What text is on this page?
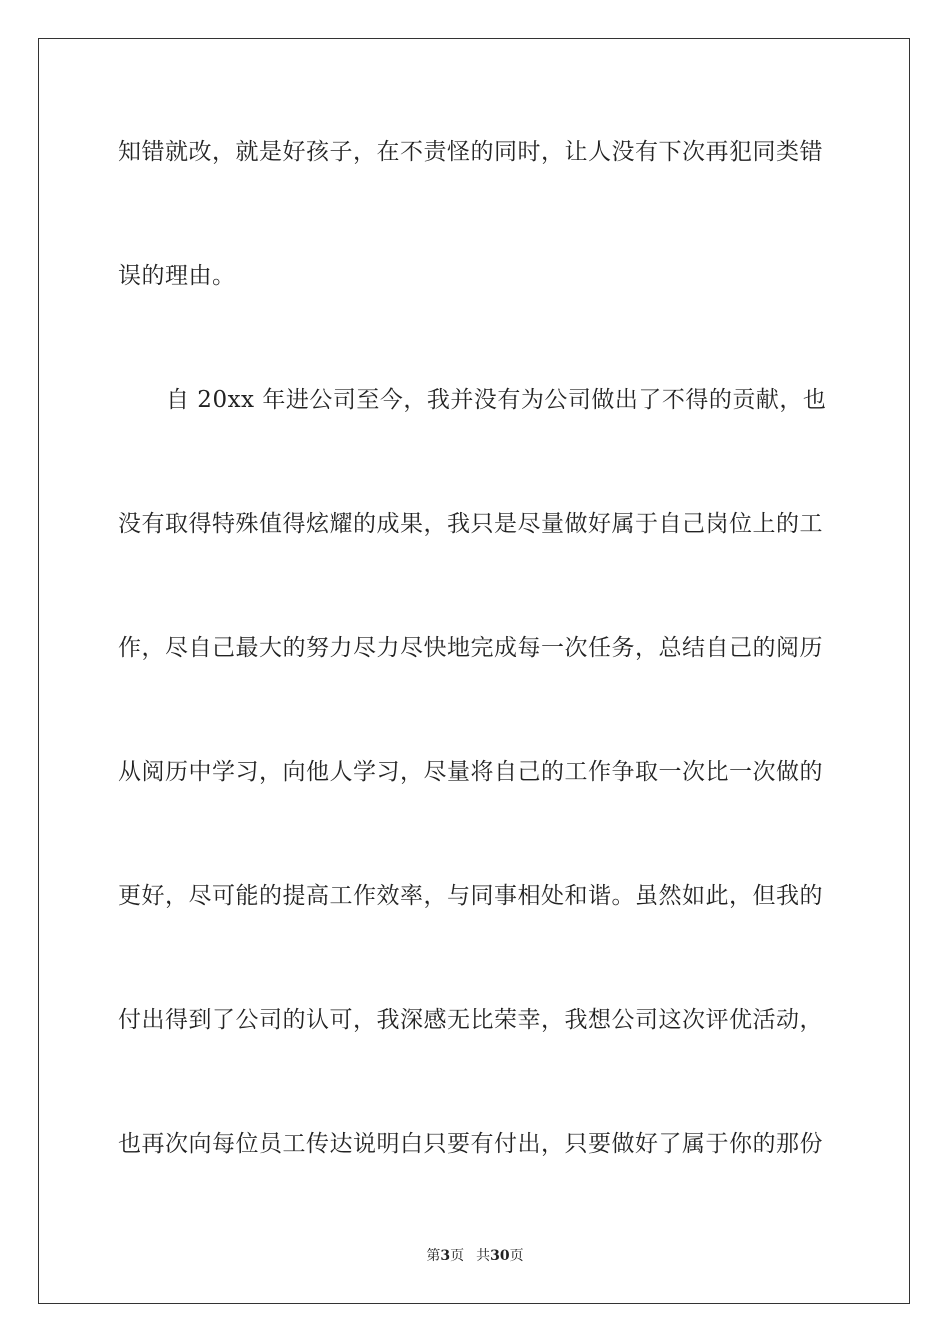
知错就改，就是好孩子，在不责怪的同时，让人没有下次再犯同类错
误的理由。
自 20xx 年进公司至今，我并没有为公司做出了不得的贡献，也
没有取得特殊值得炫耀的成果，我只是尽量做好属于自己岗位上的工
作，尽自己最大的努力尽力尽快地完成每一次任务，总结自己的阅历
从阅历中学习，向他人学习，尽量将自己的工作争取一次比一次做的
更好，尽可能的提高工作效率，与同事相处和谐。虽然如此，但我的
付出得到了公司的认可，我深感无比荣幸，我想公司这次评优活动，
也再次向每位员工传达说明白只要有付出，只要做好了属于你的那份
第3页 共30页
